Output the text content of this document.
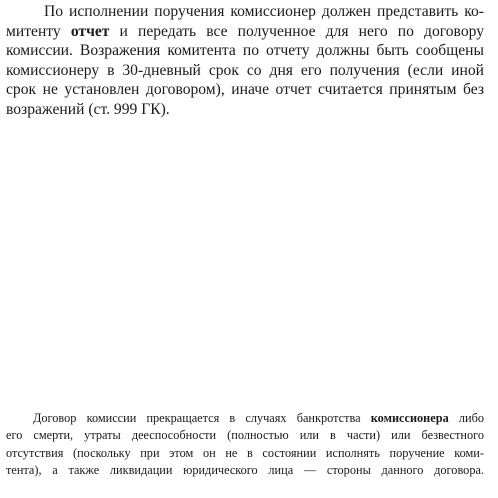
По исполнении поручения комиссионер должен представить ко-
митенту отчет и передать все полученное для него по договору
комиссии. Возражения комитента по отчету должны быть сообщены
комиссионеру в 30-дневный срок со дня его получения (если иной
срок не установлен договором), иначе отчет считается принятым без
возражений (ст. 999 ГК).
Договор комиссии прекращается в случаях банкротства комиссионера либо
его смерти, утраты дееспособности (полностью или в части) или безвестного
отсутствия (поскольку при этом он не в состоянии исполнять поручение коми-
тента), а также ликвидации юридического лица — стороны данного договора.
